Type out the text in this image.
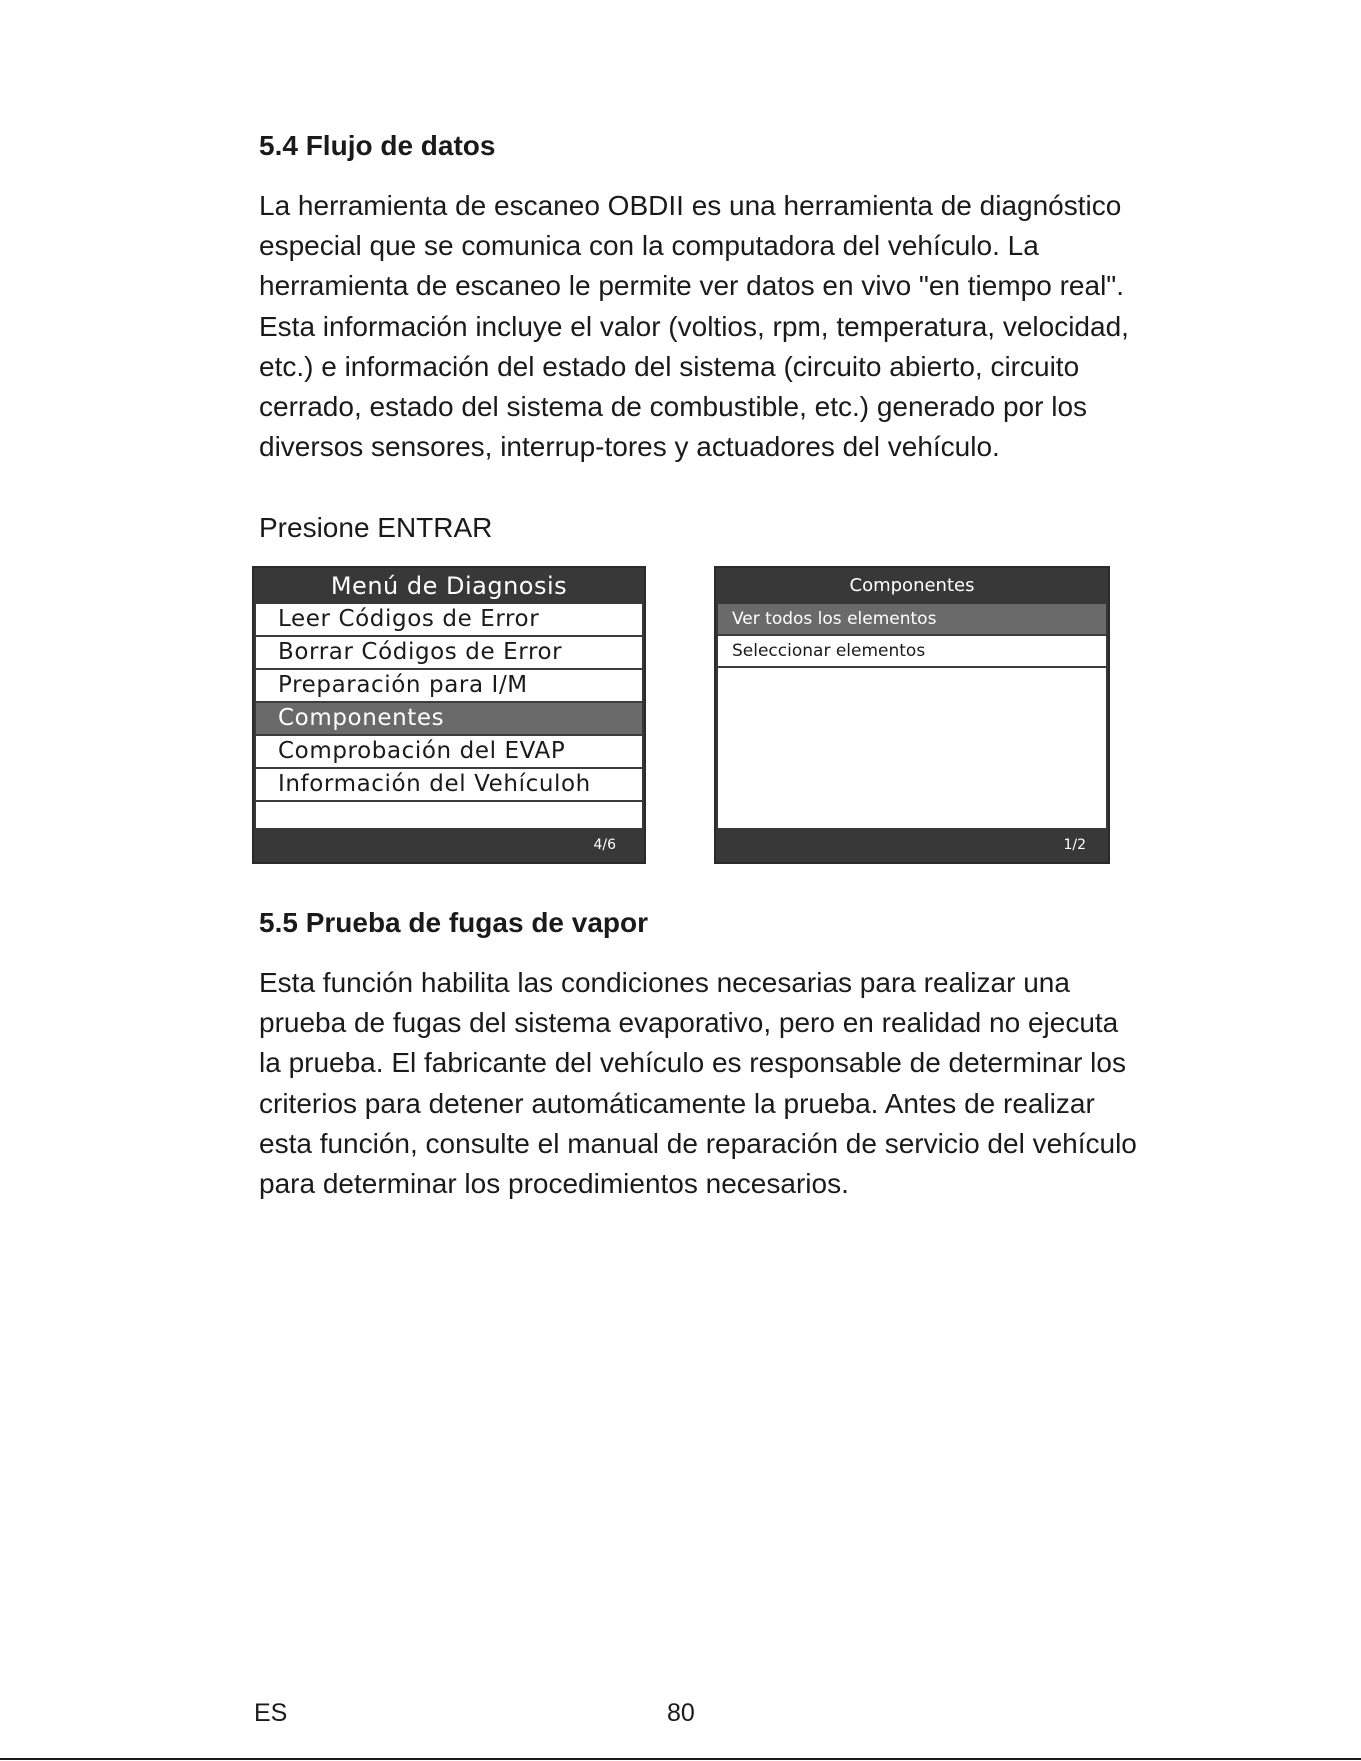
5.4 Flujo de datos

La herramienta de escaneo OBDII es una herramienta de diagnóstico especial que se comunica con la computadora del vehículo. La herramienta de escaneo le permite ver datos en vivo "en tiempo real". Esta información incluye el valor (voltios, rpm, temperatura, velocidad, etc.) e información del estado del sistema (circuito abierto, circuito cerrado, estado del sistema de combustible, etc.) generado por los diversos sensores, interrup-tores y actuadores del vehículo.

Presione ENTRAR

Menú de Diagnosis
Leer Códigos de Error
Borrar Códigos de Error
Preparación para I/M
Componentes
Comprobación del EVAP
Información del Vehículoh
4/6
Componentes
Ver todos los elementos
Seleccionar elementos
1/2
5.5 Prueba de fugas de vapor

Esta función habilita las condiciones necesarias para realizar una prueba de fugas del sistema evaporativo, pero en realidad no ejecuta la prueba. El fabricante del vehículo es responsable de determinar los criterios para detener automáticamente la prueba. Antes de realizar esta función, consulte el manual de reparación de servicio del vehículo para determinar los procedimientos necesarios.

ES	80
